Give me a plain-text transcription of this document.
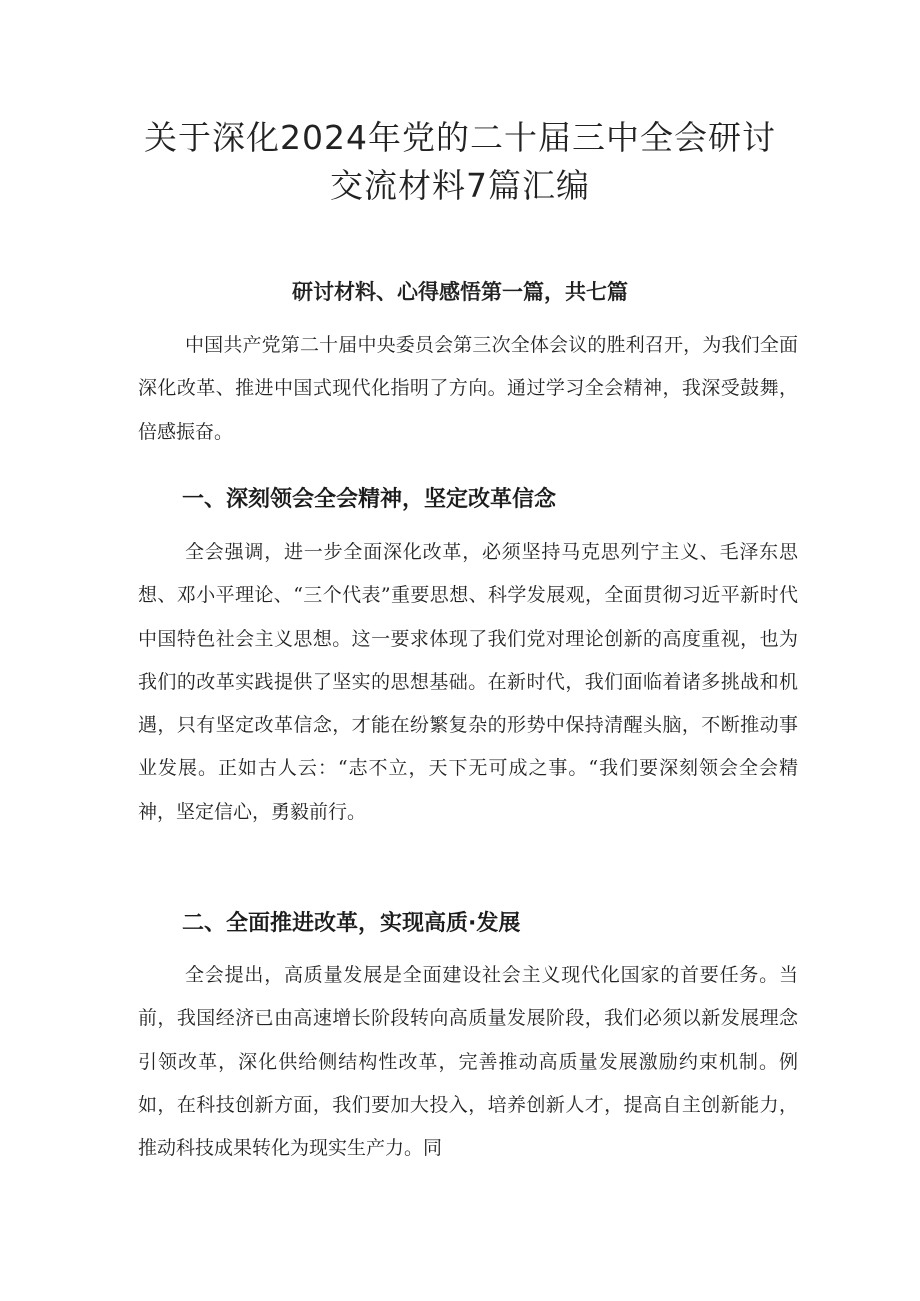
关于深化2024年党的二十届三中全会研讨
交流材料7篇汇编
研讨材料、心得感悟第一篇，共七篇

中国共产党第二十届中央委员会第三次全体会议的胜利召开，为我们全面深化改革、推进中国式现代化指明了方向。通过学习全会精神，我深受鼓舞，倍感振奋。

一、深刻领会全会精神，坚定改革信念

全会强调，进一步全面深化改革，必须坚持马克思列宁主义、毛泽东思想、邓小平理论、“三个代表”重要思想、科学发展观，全面贯彻习近平新时代中国特色社会主义思想。这一要求体现了我们党对理论创新的高度重视，也为我们的改革实践提供了坚实的思想基础。在新时代，我们面临着诸多挑战和机遇，只有坚定改革信念，才能在纷繁复杂的形势中保持清醒头脑，不断推动事业发展。正如古人云：“志不立，天下无可成之事。“我们要深刻领会全会精神，坚定信心，勇毅前行。

二、全面推进改革，实现高质·发展

全会提出，高质量发展是全面建设社会主义现代化国家的首要任务。当前，我国经济已由高速增长阶段转向高质量发展阶段，我们必须以新发展理念引领改革，深化供给侧结构性改革，完善推动高质量发展激励约束机制。例如，在科技创新方面，我们要加大投入，培养创新人才，提高自主创新能力，推动科技成果转化为现实生产力。同
